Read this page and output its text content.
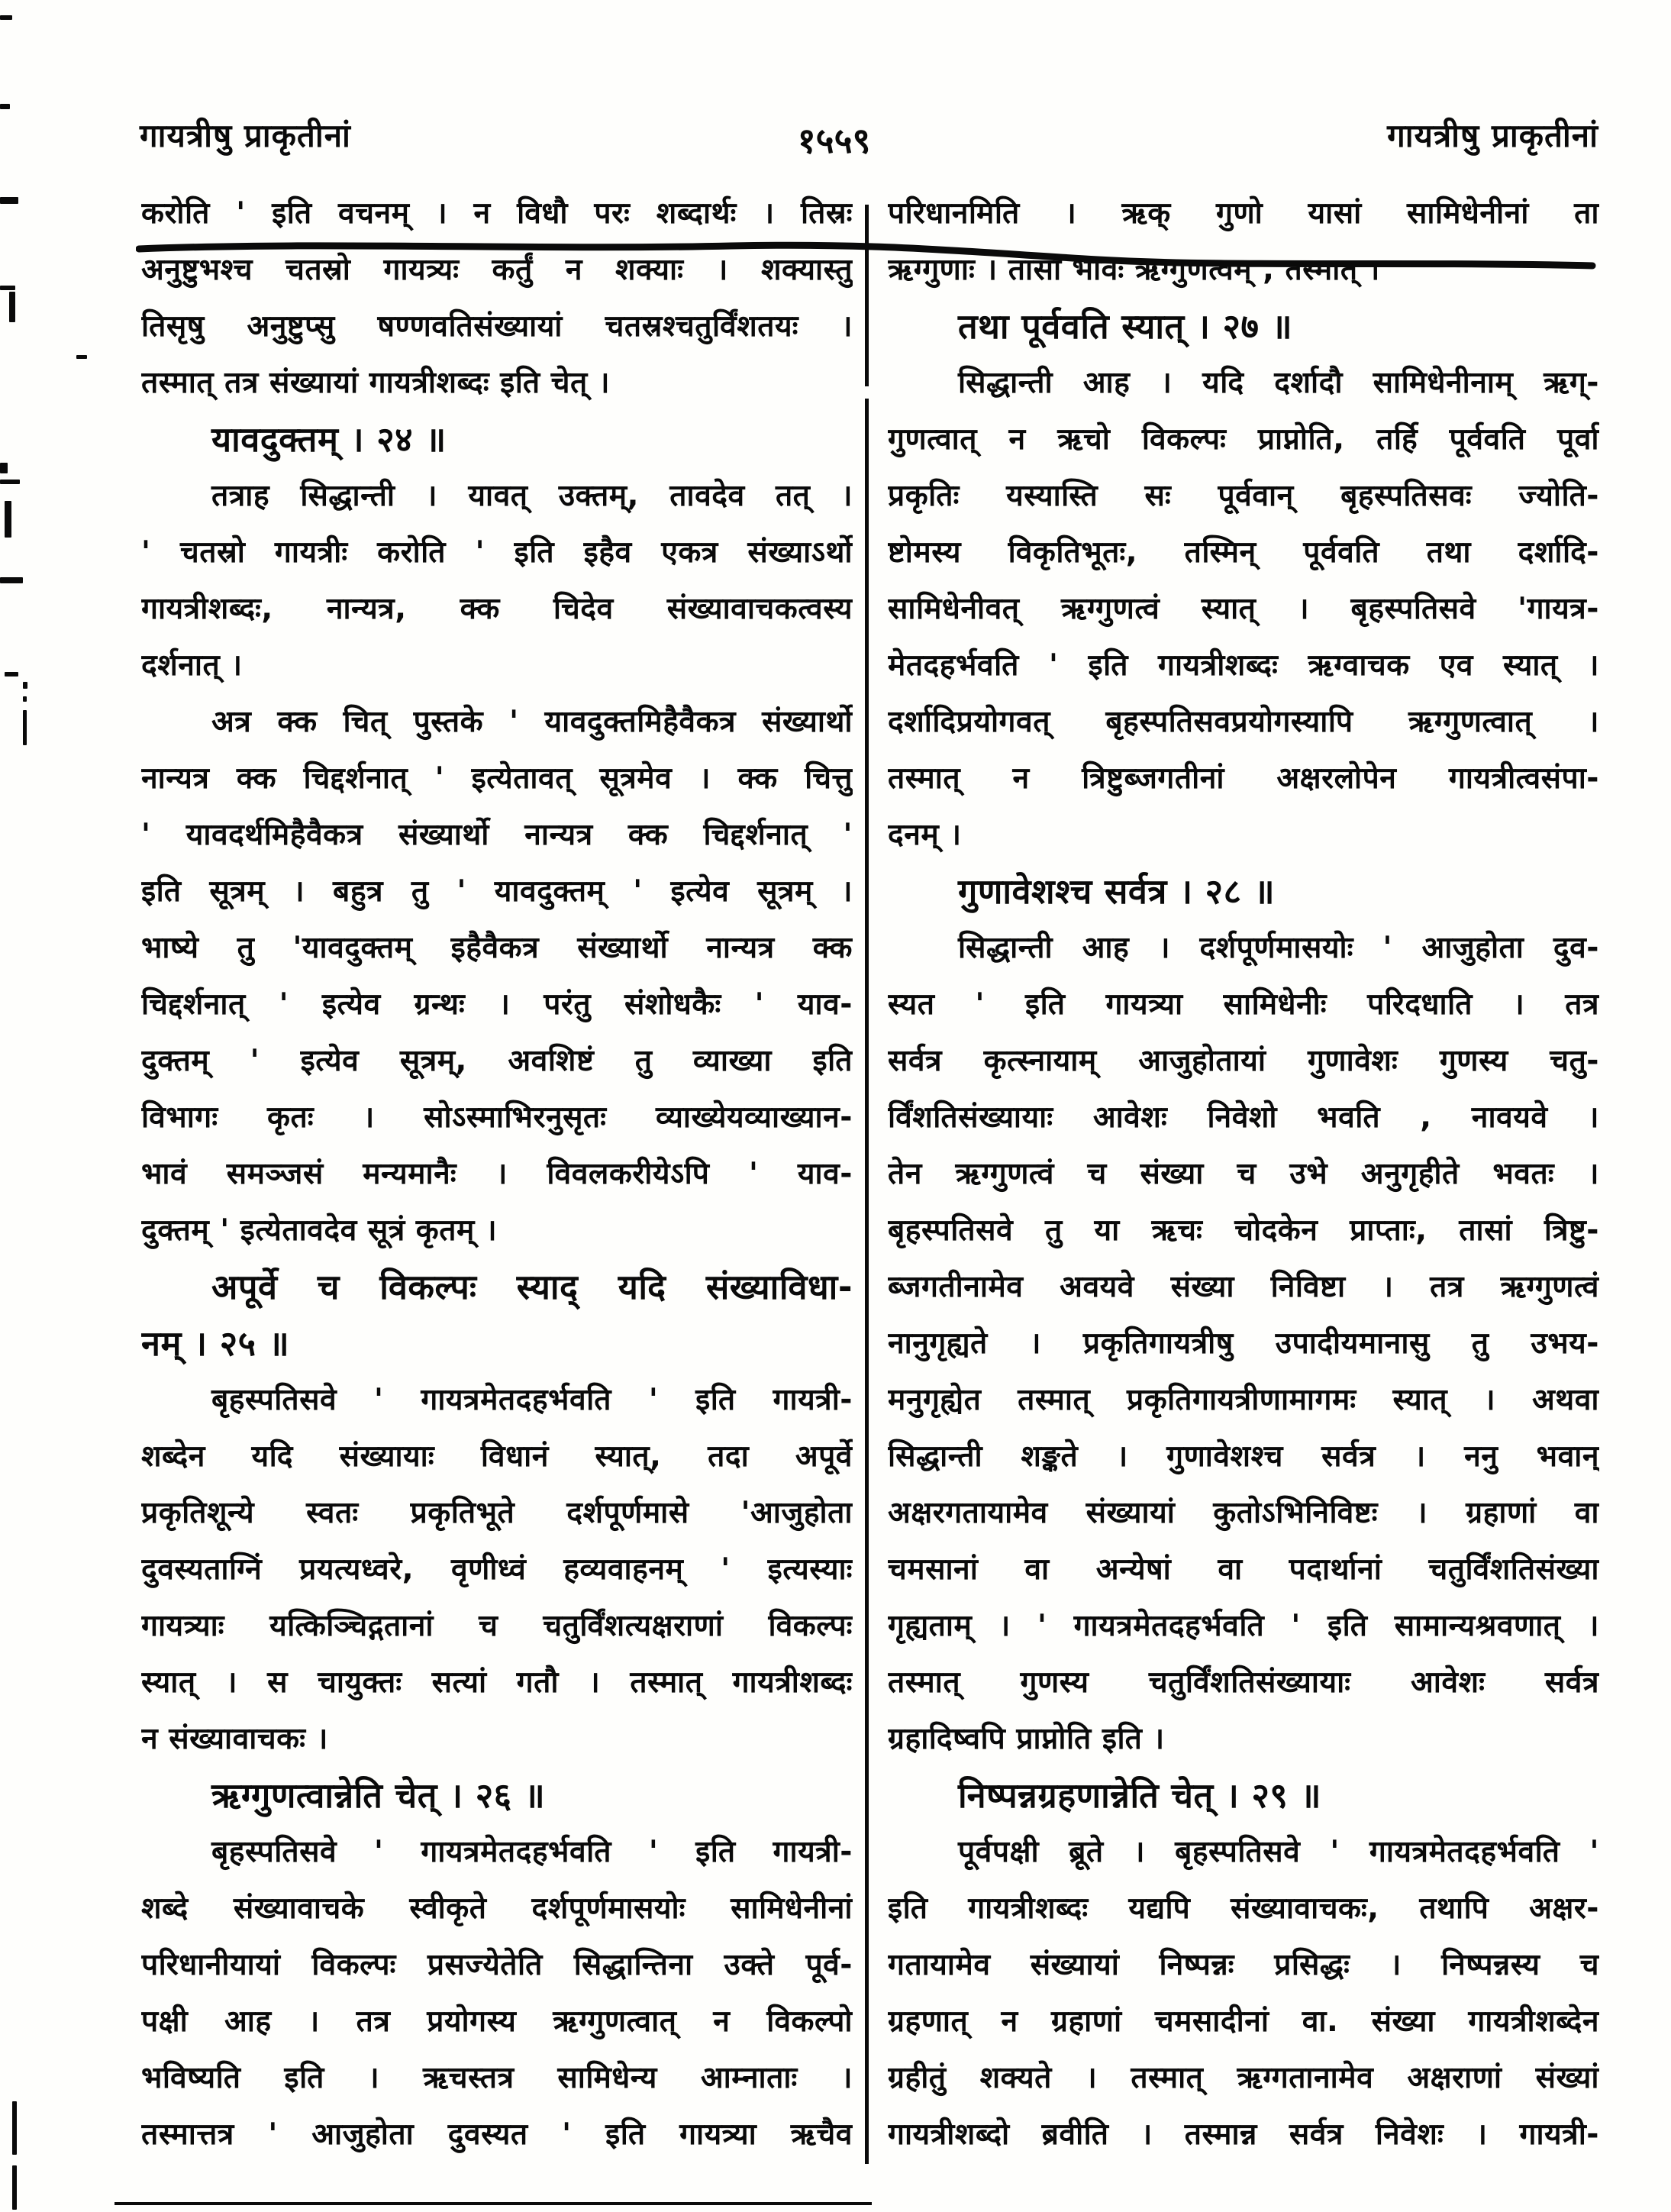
गायत्रीषु प्राकृतीनां	१५५९	गायत्रीषु प्राकृतीनां
करोति ' इति वचनम् । न विधौ परः शब्दार्थः । तिस्रः
अनुष्टुभश्च चतस्रो गायत्र्यः कर्तुं न शक्याः । शक्यास्तु
तिसृषु अनुष्टुप्सु षण्णवतिसंख्यायां चतस्रश्चतुर्विंशतयः ।
तस्मात् तत्र संख्यायां गायत्रीशब्दः इति चेत् ।
यावदुक्तम् । २४ ॥
तत्राह सिद्धान्ती । यावत् उक्तम्, तावदेव तत् ।
' चतस्रो गायत्रीः करोति ' इति इहैव एकत्र संख्याऽर्थो
गायत्रीशब्दः, नान्यत्र, क्क चिदेव संख्यावाचकत्वस्य
दर्शनात् ।
अत्र क्क चित् पुस्तके ' यावदुक्तमिहैवैकत्र संख्यार्थो
नान्यत्र क्क चिद्दर्शनात् ' इत्येतावत् सूत्रमेव । क्क चित्तु
' यावदर्थमिहैवैकत्र संख्यार्थो नान्यत्र क्क चिद्दर्शनात् '
इति सूत्रम् । बहुत्र तु ' यावदुक्तम् ' इत्येव सूत्रम् ।
भाष्ये तु 'यावदुक्तम् इहैवैकत्र संख्यार्थो नान्यत्र क्क
चिद्दर्शनात् ' इत्येव ग्रन्थः । परंतु संशोधकैः ' याव-
दुक्तम् ' इत्येव सूत्रम्, अवशिष्टं तु व्याख्या इति
विभागः कृतः । सोऽस्माभिरनुसृतः व्याख्येयव्याख्यान-
भावं समञ्जसं मन्यमानैः । विवलकरीयेऽपि ' याव-
दुक्तम् ' इत्येतावदेव सूत्रं कृतम् ।
अपूर्वे च विकल्पः स्याद् यदि संख्याविधा-
नम् । २५ ॥
बृहस्पतिसवे ' गायत्रमेतदहर्भवति ' इति गायत्री-
शब्देन यदि संख्यायाः विधानं स्यात्, तदा अपूर्वे
प्रकृतिशून्ये स्वतः प्रकृतिभूते दर्शपूर्णमासे 'आजुहोता
दुवस्यताग्निं प्रयत्यध्वरे, वृणीध्वं हव्यवाहनम् ' इत्यस्याः
गायत्र्याः यत्किञ्चिद्गतानां च चतुर्विंशत्यक्षराणां विकल्पः
स्यात् । स चायुक्तः सत्यां गतौ । तस्मात् गायत्रीशब्दः
न संख्यावाचकः ।
ऋग्गुणत्वान्नेति चेत् । २६ ॥
बृहस्पतिसवे ' गायत्रमेतदहर्भवति ' इति गायत्री-
शब्दे संख्यावाचके स्वीकृते दर्शपूर्णमासयोः सामिधेनीनां
परिधानीयायां विकल्पः प्रसज्येतेति सिद्धान्तिना उक्ते पूर्व-
पक्षी आह । तत्र प्रयोगस्य ऋग्गुणत्वात् न विकल्पो
भविष्यति इति । ऋचस्तत्र सामिधेन्य आम्नाताः ।
तस्मात्तत्र ' आजुहोता दुवस्यत ' इति गायत्र्या ऋचैव
परिधानमिति । ऋक् गुणो यासां सामिधेनीनां ता
ऋग्गुणाः । तासां भावः ऋग्गुणत्वम् , तस्मात् ।
तथा पूर्ववति स्यात् । २७ ॥
सिद्धान्ती आह । यदि दर्शादौ सामिधेनीनाम् ऋग्-
गुणत्वात् न ऋचो विकल्पः प्राप्नोति, तर्हि पूर्ववति पूर्वा
प्रकृतिः यस्यास्ति सः पूर्ववान् बृहस्पतिसवः ज्योति-
ष्टोमस्य विकृतिभूतः, तस्मिन् पूर्ववति तथा दर्शादि-
सामिधेनीवत् ऋग्गुणत्वं स्यात् । बृहस्पतिसवे 'गायत्र-
मेतदहर्भवति ' इति गायत्रीशब्दः ऋग्वाचक एव स्यात् ।
दर्शादिप्रयोगवत् बृहस्पतिसवप्रयोगस्यापि ऋग्गुणत्वात् ।
तस्मात् न त्रिष्टुब्जगतीनां अक्षरलोपेन गायत्रीत्वसंपा-
दनम् ।
गुणावेशश्च सर्वत्र । २८ ॥
सिद्धान्ती आह । दर्शपूर्णमासयोः ' आजुहोता दुव-
स्यत ' इति गायत्र्या सामिधेनीः परिदधाति । तत्र
सर्वत्र कृत्स्नायाम् आजुहोतायां गुणावेशः गुणस्य चतु-
र्विंशतिसंख्यायाः आवेशः निवेशो भवति , नावयवे ।
तेन ऋग्गुणत्वं च संख्या च उभे अनुगृहीते भवतः ।
बृहस्पतिसवे तु या ऋचः चोदकेन प्राप्ताः, तासां त्रिष्टु-
ब्जगतीनामेव अवयवे संख्या निविष्टा । तत्र ऋग्गुणत्वं
नानुगृह्यते । प्रकृतिगायत्रीषु उपादीयमानासु तु उभय-
मनुगृह्येत तस्मात् प्रकृतिगायत्रीणामागमः स्यात् । अथवा
सिद्धान्ती शङ्कते । गुणावेशश्च सर्वत्र । ननु भवान्
अक्षरगतायामेव संख्यायां कुतोऽभिनिविष्टः । ग्रहाणां वा
चमसानां वा अन्येषां वा पदार्थानां चतुर्विंशतिसंख्या
गृह्यताम् । ' गायत्रमेतदहर्भवति ' इति सामान्यश्रवणात् ।
तस्मात् गुणस्य चतुर्विंशतिसंख्यायाः आवेशः सर्वत्र
ग्रहादिष्वपि प्राप्नोति इति ।
निष्पन्नग्रहणान्नेति चेत् । २९ ॥
पूर्वपक्षी ब्रूते । बृहस्पतिसवे ' गायत्रमेतदहर्भवति '
इति गायत्रीशब्दः यद्यपि संख्यावाचकः, तथापि अक्षर-
गतायामेव संख्यायां निष्पन्नः प्रसिद्धः । निष्पन्नस्य च
ग्रहणात् न ग्रहाणां चमसादीनां वा. संख्या गायत्रीशब्देन
ग्रहीतुं शक्यते । तस्मात् ऋग्गतानामेव अक्षराणां संख्यां
गायत्रीशब्दो ब्रवीति । तस्मान्न सर्वत्र निवेशः । गायत्री-
